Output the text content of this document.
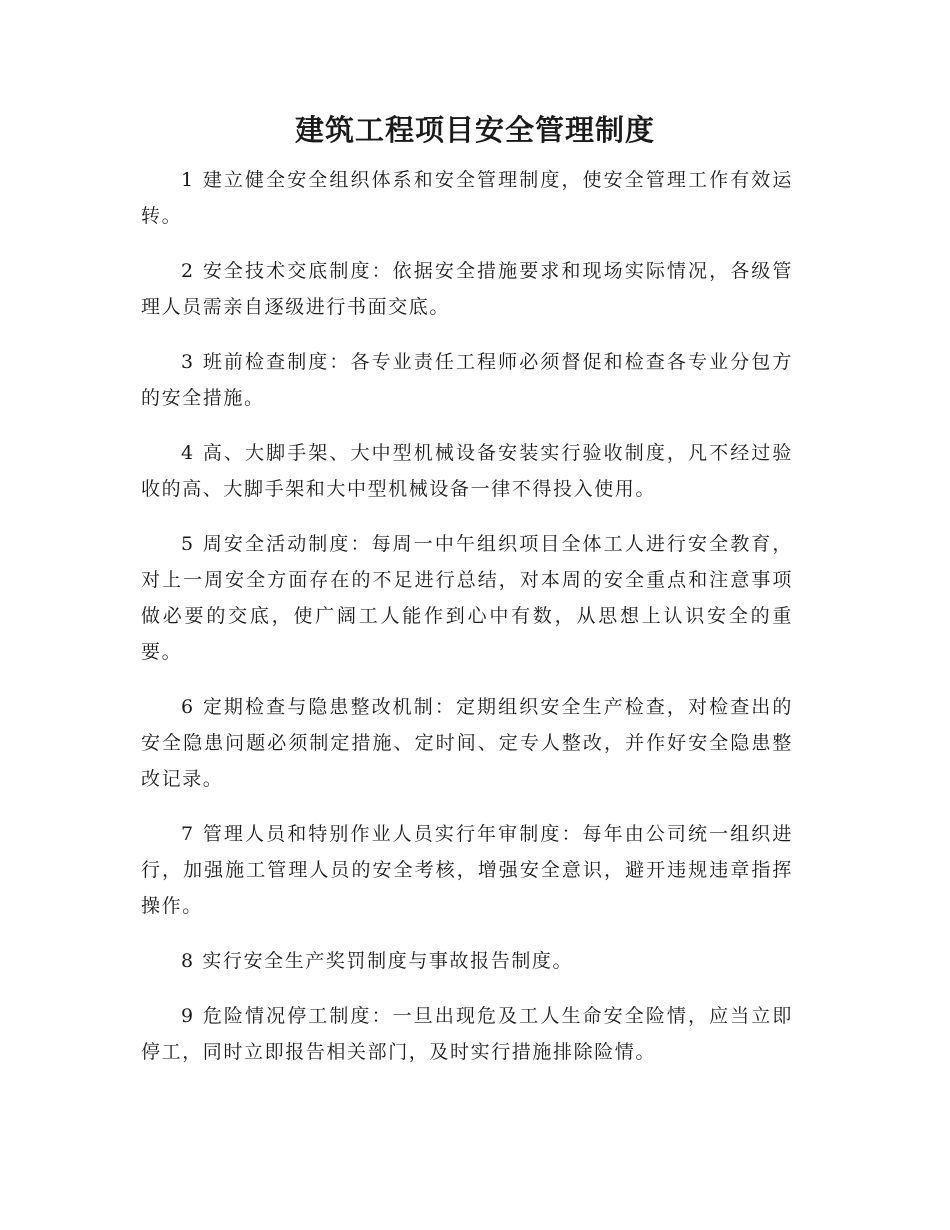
建筑工程项目安全管理制度

1 建立健全安全组织体系和安全管理制度，使安全管理工作有效运转。

2 安全技术交底制度：依据安全措施要求和现场实际情况，各级管理人员需亲自逐级进行书面交底。

3 班前检查制度：各专业责任工程师必须督促和检查各专业分包方的安全措施。

4 高、大脚手架、大中型机械设备安装实行验收制度，凡不经过验收的高、大脚手架和大中型机械设备一律不得投入使用。

5 周安全活动制度：每周一中午组织项目全体工人进行安全教育，对上一周安全方面存在的不足进行总结，对本周的安全重点和注意事项做必要的交底，使广阔工人能作到心中有数，从思想上认识安全的重要。

6 定期检查与隐患整改机制：定期组织安全生产检查，对检查出的安全隐患问题必须制定措施、定时间、定专人整改，并作好安全隐患整改记录。

7 管理人员和特别作业人员实行年审制度：每年由公司统一组织进行，加强施工管理人员的安全考核，增强安全意识，避开违规违章指挥操作。

8 实行安全生产奖罚制度与事故报告制度。

9 危险情况停工制度：一旦出现危及工人生命安全险情，应当立即停工，同时立即报告相关部门，及时实行措施排除险情。
